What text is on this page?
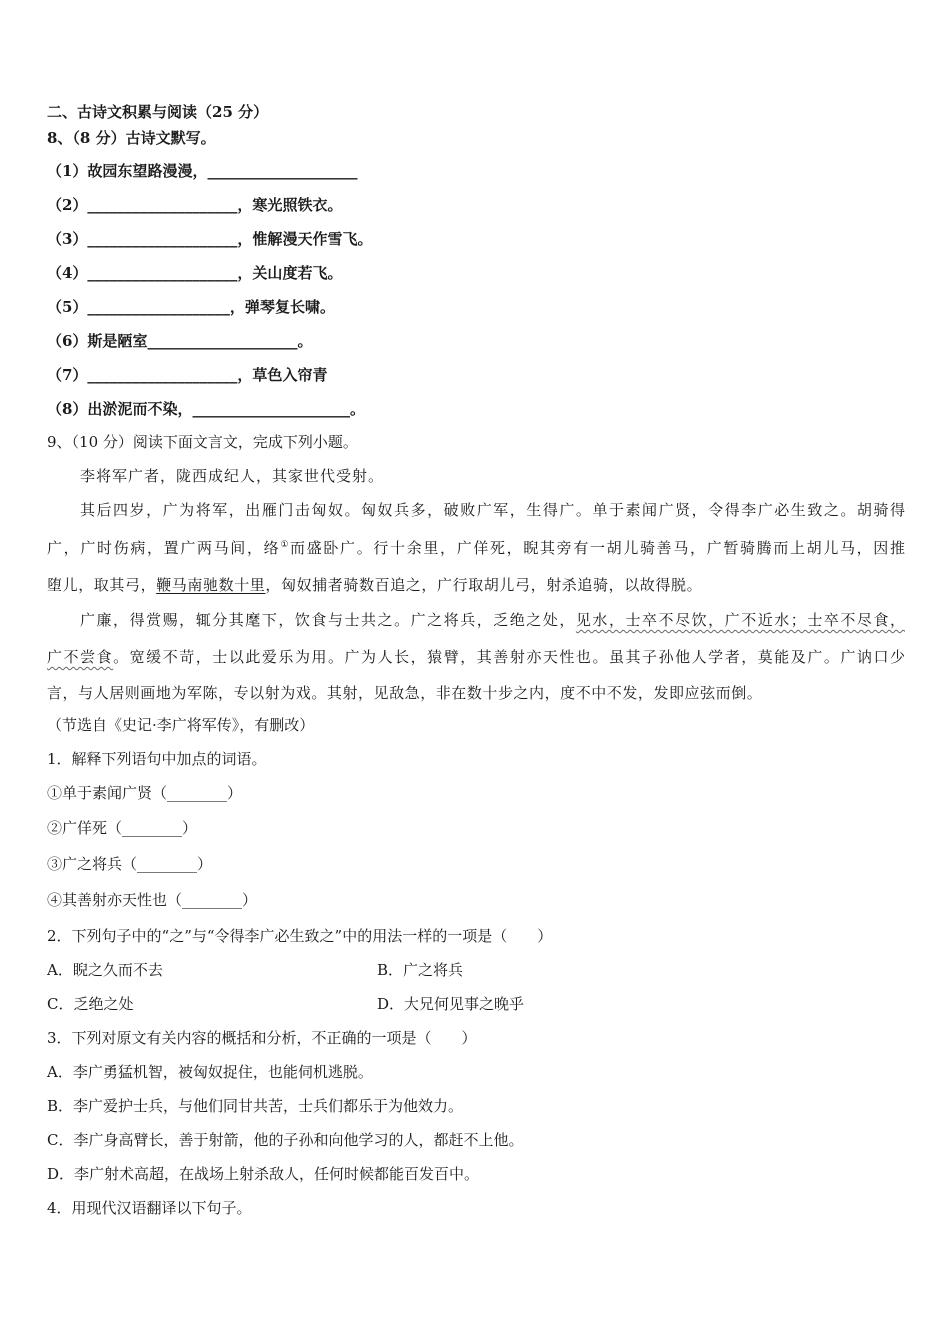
二、古诗文积累与阅读（25 分）
8、（8 分）古诗文默写。
（1）故园东望路漫漫，____________________
（2）____________________，寒光照铁衣。
（3）____________________，惟解漫天作雪飞。
（4）____________________，关山度若飞。
（5）___________________，弹琴复长啸。
（6）斯是陋室____________________。
（7）____________________，草色入帘青
（8）出淤泥而不染，_____________________。
9、（10 分）阅读下面文言文，完成下列小题。
李将军广者，陇西成纪人，其家世代受射。
其后四岁，广为将军，出雁门击匈奴。匈奴兵多，破败广军，生得广。单于素闻广贤，令得李广必生致之。胡骑得
广，广时伤病，置广两马间，络①而盛卧广。行十余里，广佯死，睨其旁有一胡儿骑善马，广暂骑腾而上胡儿马，因推
堕儿，取其弓，鞭马南驰数十里，匈奴捕者骑数百追之，广行取胡儿弓，射杀追骑，以故得脱。
广廉，得赏赐，辄分其麾下，饮食与士共之。广之将兵，乏绝之处，见水，士卒不尽饮，广不近水；士卒不尽食，
广不尝食。宽缓不苛，士以此爱乐为用。广为人长，猿臂，其善射亦天性也。虽其子孙他人学者，莫能及广。广讷口少
言，与人居则画地为军陈，专以射为戏。其射，见敌急，非在数十步之内，度不中不发，发即应弦而倒。
（节选自《史记·李广将军传》，有删改）
1．解释下列语句中加点的词语。
①单于素闻广贤（________）
②广佯死（________）
③广之将兵（________）
④其善射亦天性也（________）
2．下列句子中的“之”与“令得李广必生致之”中的用法一样的一项是（　　）
A．睨之久而不去	B．广之将兵
C．乏绝之处	D．大兄何见事之晚乎
3．下列对原文有关内容的概括和分析，不正确的一项是（　　）
A．李广勇猛机智，被匈奴捉住，也能伺机逃脱。
B．李广爱护士兵，与他们同甘共苦，士兵们都乐于为他效力。
C．李广身高臂长，善于射箭，他的子孙和向他学习的人，都赶不上他。
D．李广射术高超，在战场上射杀敌人，任何时候都能百发百中。
4．用现代汉语翻译以下句子。
